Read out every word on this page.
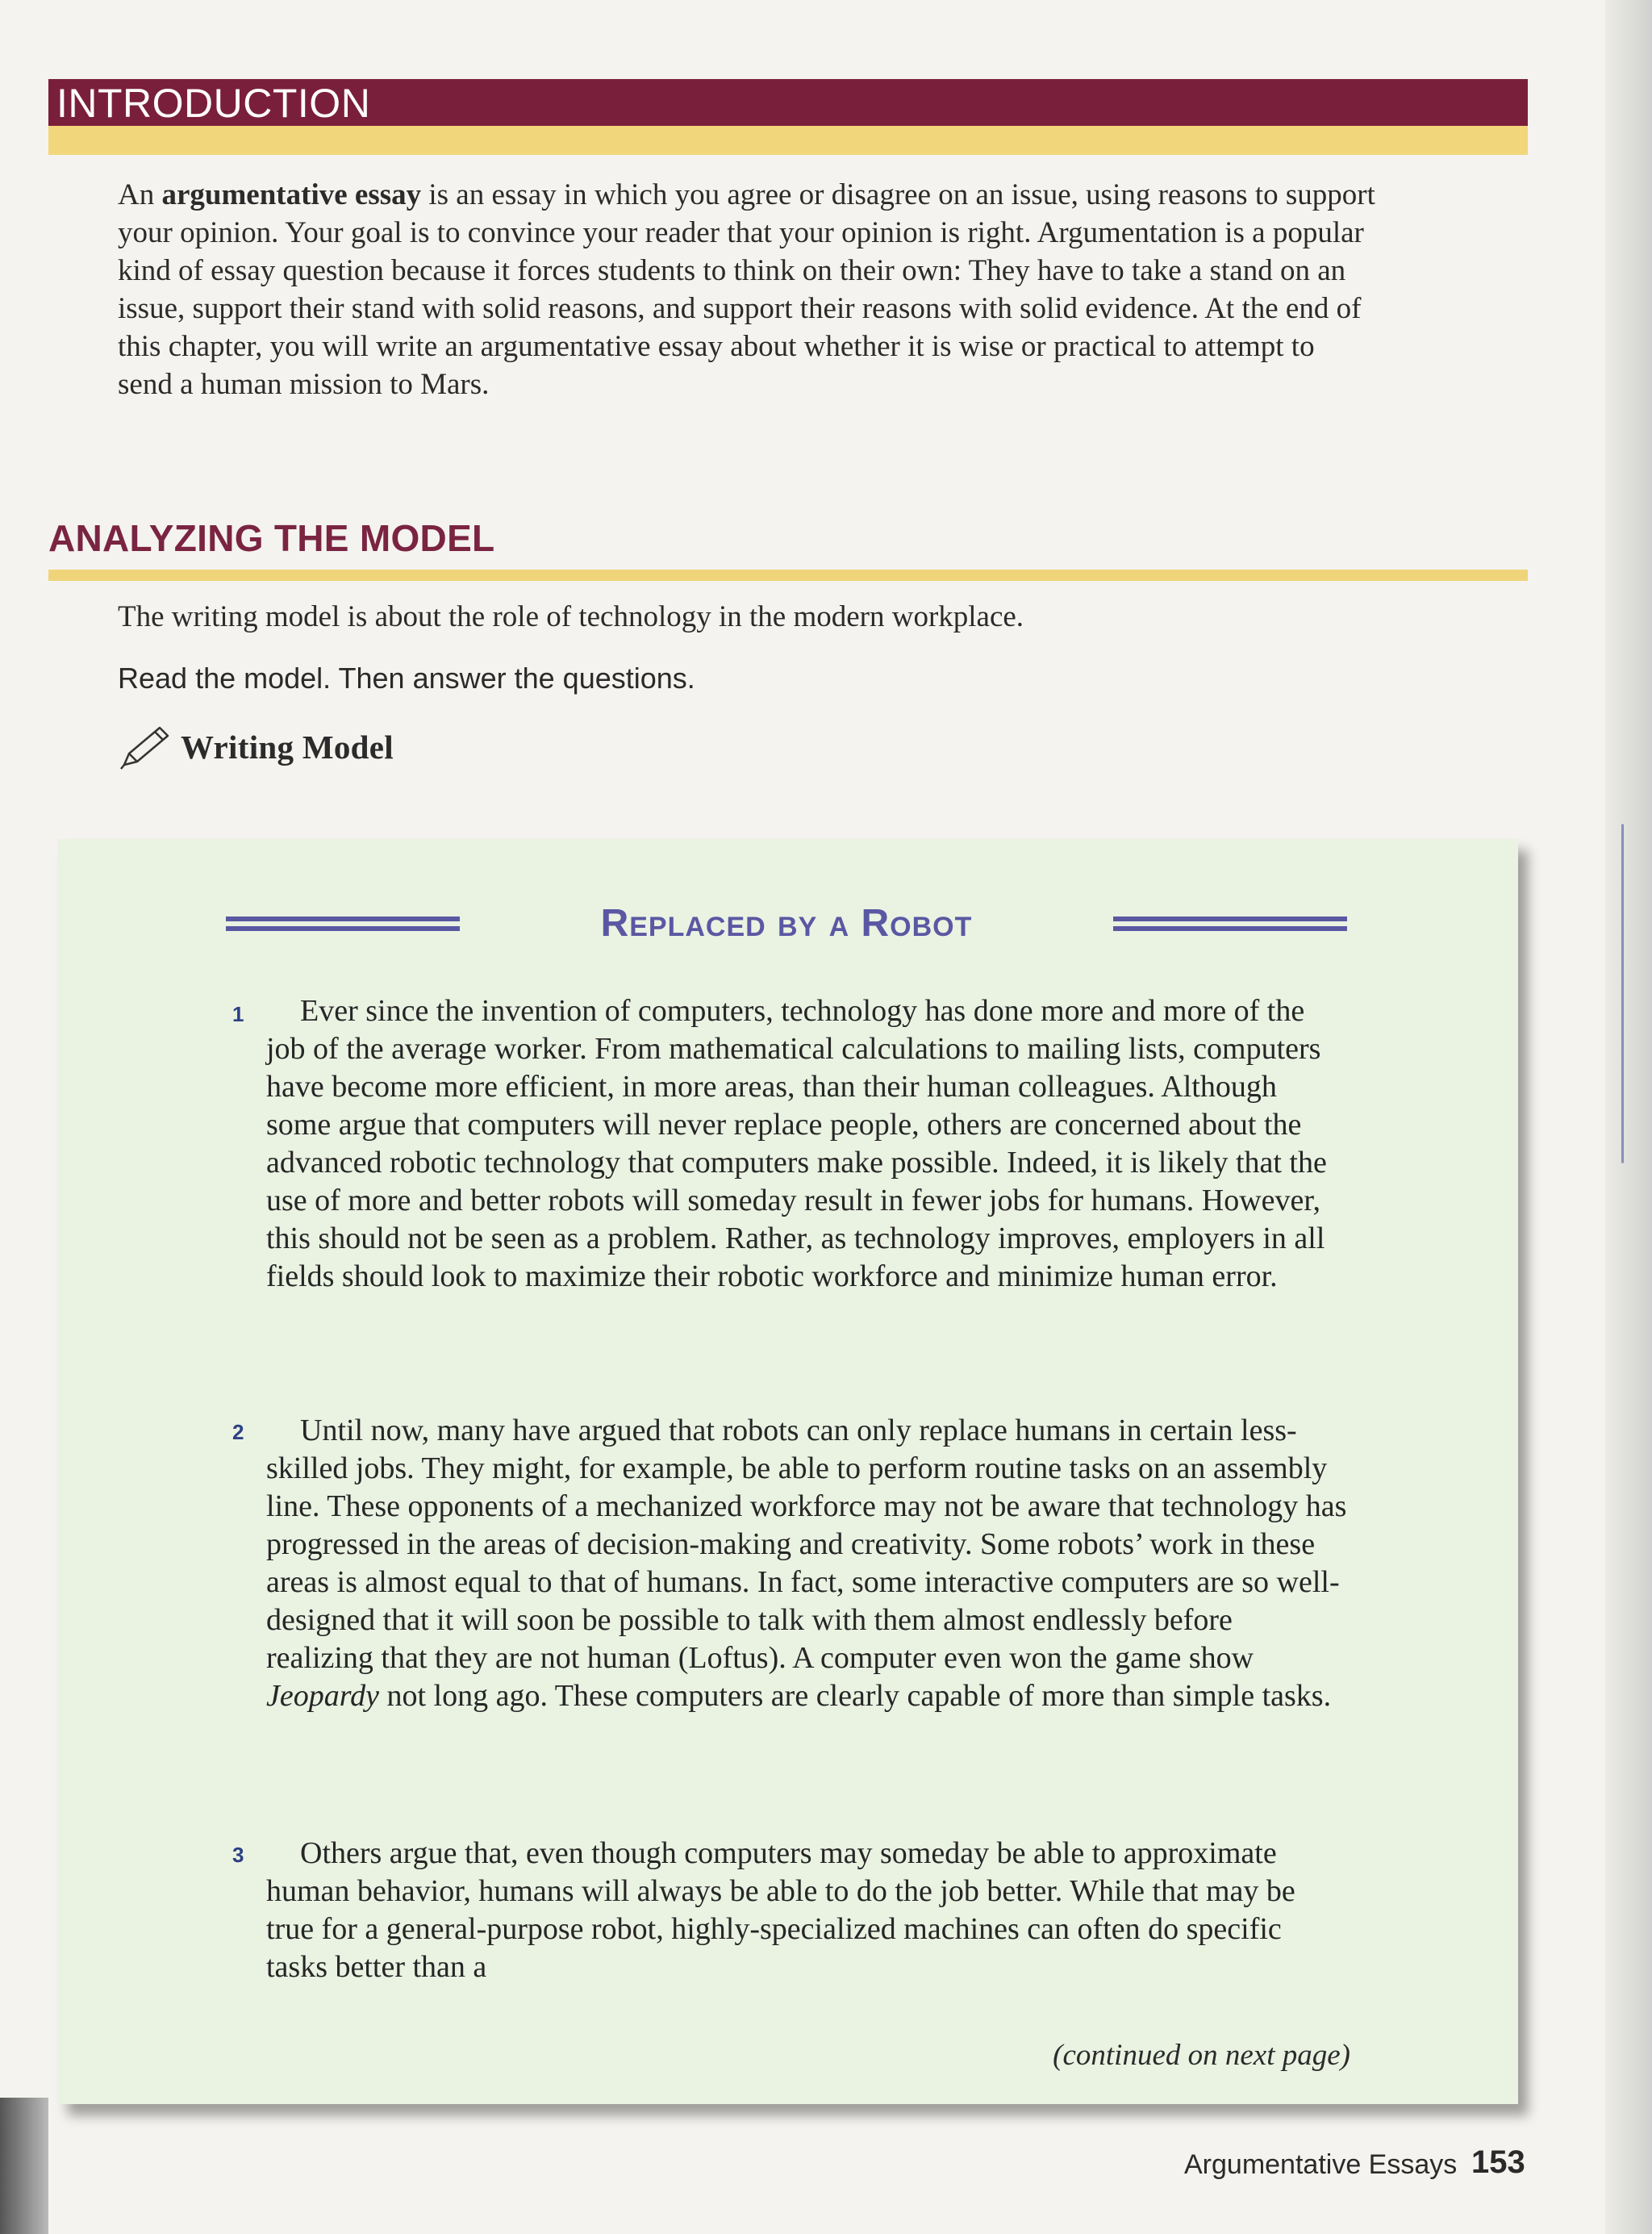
INTRODUCTION
An argumentative essay is an essay in which you agree or disagree on an issue, using reasons to support your opinion. Your goal is to convince your reader that your opinion is right. Argumentation is a popular kind of essay question because it forces students to think on their own: They have to take a stand on an issue, support their stand with solid reasons, and support their reasons with solid evidence. At the end of this chapter, you will write an argumentative essay about whether it is wise or practical to attempt to send a human mission to Mars.
ANALYZING THE MODEL
The writing model is about the role of technology in the modern workplace.
Read the model. Then answer the questions.
Writing Model
Replaced by a Robot
1	Ever since the invention of computers, technology has done more and more of the job of the average worker. From mathematical calculations to mailing lists, computers have become more efficient, in more areas, than their human colleagues. Although some argue that computers will never replace people, others are concerned about the advanced robotic technology that computers make possible. Indeed, it is likely that the use of more and better robots will someday result in fewer jobs for humans. However, this should not be seen as a problem. Rather, as technology improves, employers in all fields should look to maximize their robotic workforce and minimize human error.
2	Until now, many have argued that robots can only replace humans in certain less-skilled jobs. They might, for example, be able to perform routine tasks on an assembly line. These opponents of a mechanized workforce may not be aware that technology has progressed in the areas of decision-making and creativity. Some robots’ work in these areas is almost equal to that of humans. In fact, some interactive computers are so well-designed that it will soon be possible to talk with them almost endlessly before realizing that they are not human (Loftus). A computer even won the game show Jeopardy not long ago. These computers are clearly capable of more than simple tasks.
3	Others argue that, even though computers may someday be able to approximate human behavior, humans will always be able to do the job better. While that may be true for a general-purpose robot, highly-specialized machines can often do specific tasks better than a
(continued on next page)
Argumentative Essays 153
